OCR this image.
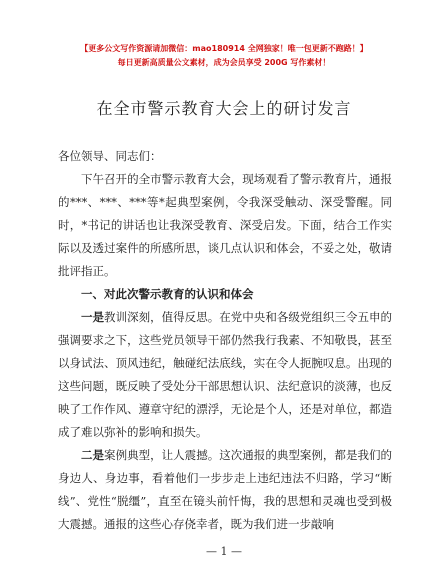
【更多公文写作资源请加微信：mao180914 全网独家！唯一包更新不跑路！】
每日更新高质量公文素材，成为会员享受 200G 写作素材！
在全市警示教育大会上的研讨发言

各位领导、同志们：

下午召开的全市警示教育大会，现场观看了警示教育片，通报的***、***、***等*起典型案例，令我深受触动、深受警醒。同时，*书记的讲话也让我深受教育、深受启发。下面，结合工作实际以及透过案件的所感所思，谈几点认识和体会，不妥之处，敬请批评指正。

一、对此次警示教育的认识和体会

一是教训深刻，值得反思。在党中央和各级党组织三令五申的强调要求之下，这些党员领导干部仍然我行我素、不知敬畏，甚至以身试法、顶风违纪，触碰纪法底线，实在令人扼腕叹息。出现的这些问题，既反映了受处分干部思想认识、法纪意识的淡薄，也反映了工作作风、遵章守纪的漂浮，无论是个人，还是对单位，都造成了难以弥补的影响和损失。

二是案例典型，让人震撼。这次通报的典型案例，都是我们的身边人、身边事，看着他们一步步走上违纪违法不归路，学习“断线”、党性“脱缰”，直至在镜头前忏悔，我的思想和灵魂也受到极大震撼。通报的这些心存侥幸者，既为我们进一步敲响

— 1 —
